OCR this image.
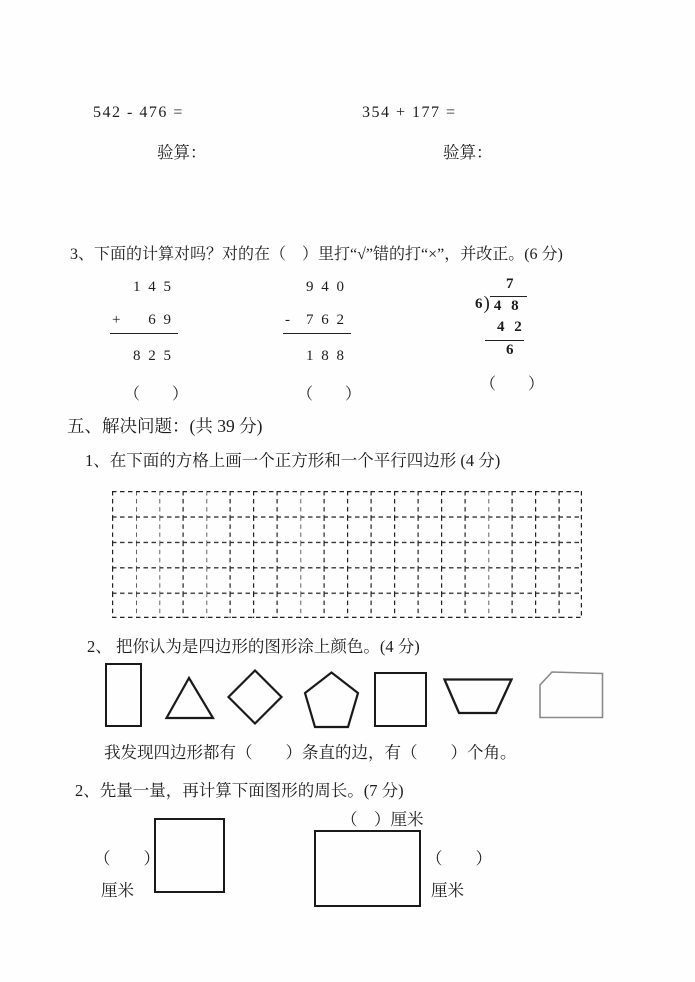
542 - 476 =	354 + 177 =
验算：	验算：
3、下面的计算对吗？对的在（　）里打“√”错的打“×”，并改正。(6 分)
1 4 5
+ 6 9
8 2 5
（　　）
9 4 0
- 7 6 2
1 8 8
（　　）
7
6 ) 4 8
4 2
6
（　　）
五、解决问题：(共 39 分)
1、在下面的方格上画一个正方形和一个平行四边形 (4 分)
2、 把你认为是四边形的图形涂上颜色。(4 分)
我发现四边形都有（　　）条直的边，有（　　）个角。
2、先量一量，再计算下面图形的周长。(7 分)
（　　）
厘米
（　）厘米
（　　）
厘米
